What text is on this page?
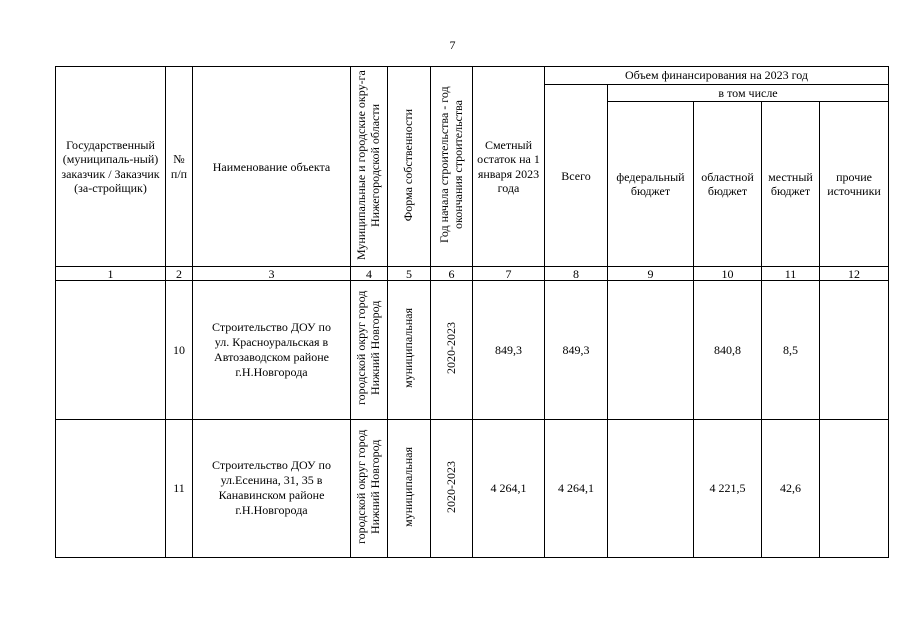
7
Государственный (муниципаль-ный) заказчик / Заказчик (за-стройщик)	№ п/п	Наименование объекта	Муниципальные и городские окру-га Нижегородской области	Форма собственности	Год начала строительства - год окончания строительства	Сметный остаток на 1 января 2023 года	Объем финансирования на 2023 год				
							Всего	в том числе			

								федеральный бюджет	областной бюджет	местный бюджет	прочие источники

1	2	3	4	5	6	7	8	9	10	11	12
	10	Строительство ДОУ по
ул. Красноуральская в
Автозаводском районе
г.Н.Новгорода	городской округ город Нижний Новгород	муниципальная	2020-2023	849,3	849,3		840,8	8,5	
	11	Строительство ДОУ по
ул.Есенина, 31, 35 в
Канавинском районе
г.Н.Новгорода	городской округ город Нижний Новгород	муниципальная	2020-2023	4 264,1	4 264,1		4 221,5	42,6	
